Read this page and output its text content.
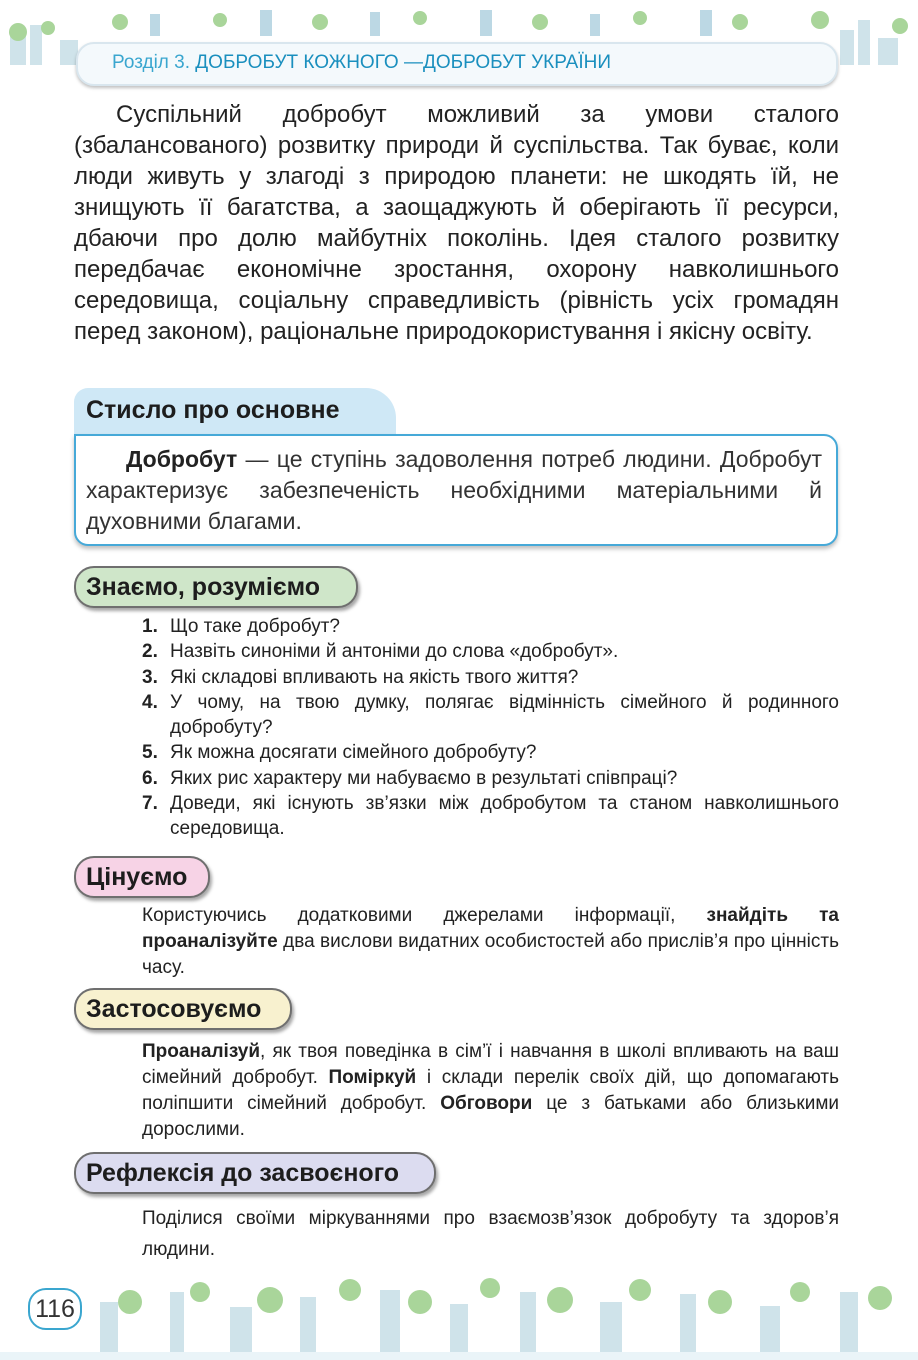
Розділ 3. ДОБРОБУТ КОЖНОГО —ДОБРОБУТ УКРАЇНИ

Суспільний добробут можливий за умови сталого (збалансованого) розвитку природи й суспільства. Так буває, коли люди живуть у злагоді з природою планети: не шкодять їй, не знищують її багатства, а заощаджують й оберігають її ресурси, дбаючи про долю майбутніх поколінь. Ідея сталого розвитку передбачає економічне зростання, охорону навколишнього середовища, соціальну справедливість (рівність усіх громадян перед законом), раціональне природокористування і якісну освіту.

Стисло про основне

Добробут — це ступінь задоволення потреб людини. Добробут характеризує забезпеченість необхідними матеріальними й духовними благами.

Знаємо, розуміємо
1. Що таке добробут?
2. Назвіть синоніми й антоніми до слова «добробут».
3. Які складові впливають на якість твого життя?
4. У чому, на твою думку, полягає відмінність сімейного й родинного добробуту?
5. Як можна досягати сімейного добробуту?
6. Яких рис характеру ми набуваємо в результаті співпраці?
7. Доведи, які існують зв’язки між добробутом та станом навколишнього середовища.
Цінуємо

Користуючись додатковими джерелами інформації, знайдіть та проаналізуйте два вислови видатних особистостей або прислів’я про цінність часу.

Застосовуємо

Проаналізуй, як твоя поведінка в сім’ї і навчання в школі впливають на ваш сімейний добробут. Поміркуй і склади перелік своїх дій, що допомагають поліпшити сімейний добробут. Обговори це з батьками або близькими дорослими.

Рефлексія до засвоєного

Поділися своїми міркуваннями про взаємозв’язок добробуту та здоров’я людини.

116
